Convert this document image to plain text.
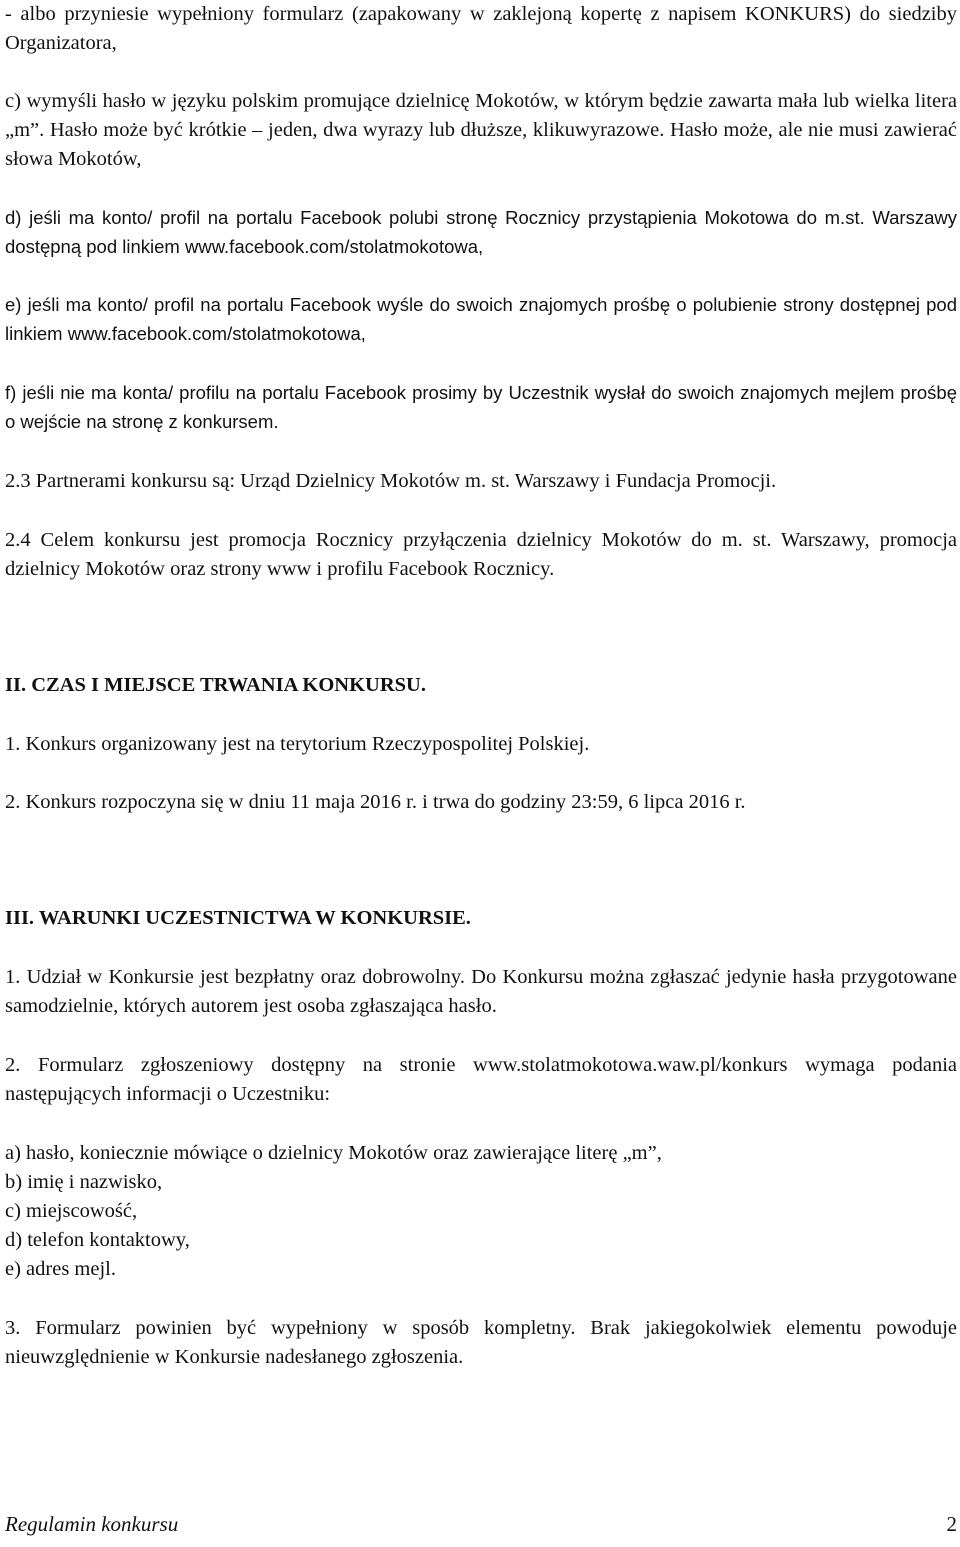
- albo przyniesie wypełniony formularz (zapakowany w zaklejoną kopertę z napisem KONKURS) do siedziby Organizatora,

c) wymyśli hasło w języku polskim promujące dzielnicę Mokotów, w którym będzie zawarta mała lub wielka litera „m”. Hasło może być krótkie – jeden, dwa wyrazy lub dłuższe, klikuwyrazowe. Hasło może, ale nie musi zawierać słowa Mokotów,

d) jeśli ma konto/ profil na portalu Facebook polubi stronę Rocznicy przystąpienia Mokotowa do m.st. Warszawy dostępną pod linkiem www.facebook.com/stolatmokotowa,

e) jeśli ma konto/ profil na portalu Facebook wyśle do swoich znajomych prośbę o polubienie strony dostępnej pod linkiem www.facebook.com/stolatmokotowa,

f) jeśli nie ma konta/ profilu na portalu Facebook prosimy by Uczestnik wysłał do swoich znajomych mejlem prośbę o wejście na stronę z konkursem.

2.3 Partnerami konkursu są: Urząd Dzielnicy Mokotów m. st. Warszawy i Fundacja Promocji.

2.4 Celem konkursu jest promocja Rocznicy przyłączenia dzielnicy Mokotów do m. st. Warszawy, promocja dzielnicy Mokotów oraz strony www i profilu Facebook Rocznicy.

II. CZAS I MIEJSCE TRWANIA KONKURSU.

1. Konkurs organizowany jest na terytorium Rzeczypospolitej Polskiej.

2. Konkurs rozpoczyna się w dniu 11 maja 2016 r. i trwa do godziny 23:59, 6 lipca 2016 r.

III. WARUNKI UCZESTNICTWA W KONKURSIE.

1. Udział w Konkursie jest bezpłatny oraz dobrowolny. Do Konkursu można zgłaszać jedynie hasła przygotowane samodzielnie, których autorem jest osoba zgłaszająca hasło.

2. Formularz zgłoszeniowy dostępny na stronie www.stolatmokotowa.waw.pl/konkurs wymaga podania następujących informacji o Uczestniku:

a) hasło, koniecznie mówiące o dzielnicy Mokotów oraz zawierające literę „m”,
b) imię i nazwisko,
c) miejscowość,
d) telefon kontaktowy,
e) adres mejl.

3. Formularz powinien być wypełniony w sposób kompletny. Brak jakiegokolwiek elementu powoduje nieuwzględnienie w Konkursie nadesłanego zgłoszenia.

Regulamin konkursu	2
